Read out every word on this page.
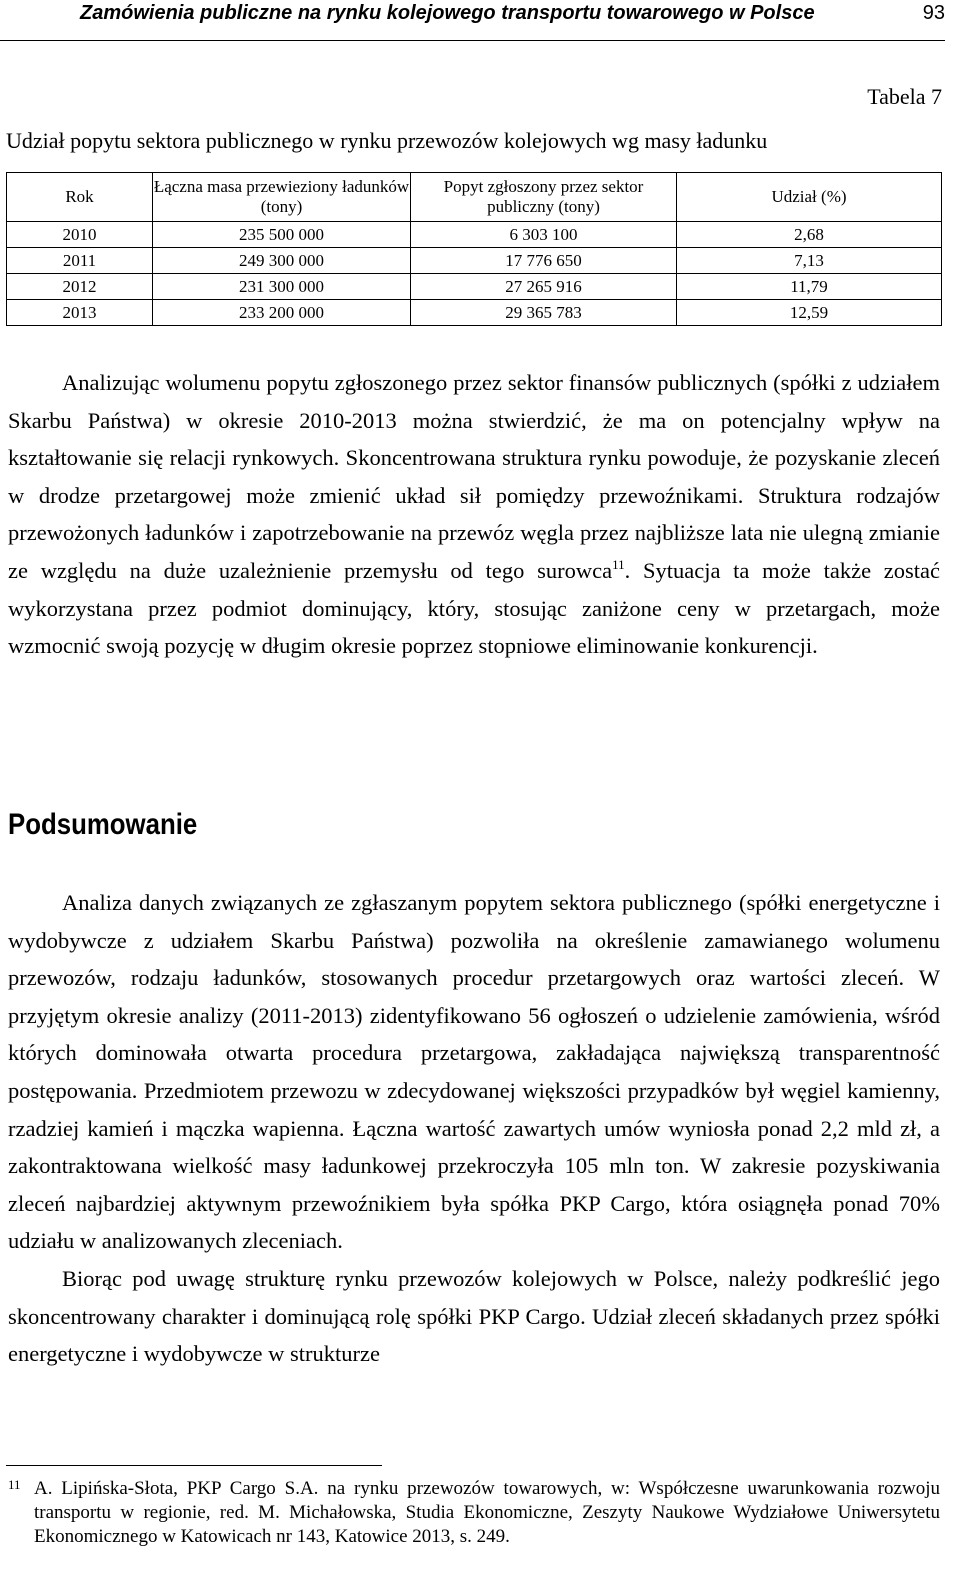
Zamówienia publiczne na rynku kolejowego transportu towarowego w Polsce	93
Tabela 7
Udział popytu sektora publicznego w rynku przewozów kolejowych wg masy ładunku
Rok	Łączna masa przewieziony ładunków (tony)	Popyt zgłoszony przez sektor publiczny (tony)	Udział (%)
2010	235 500 000	6 303 100	2,68
2011	249 300 000	17 776 650	7,13
2012	231 300 000	27 265 916	11,79
2013	233 200 000	29 365 783	12,59

Analizując wolumenu popytu zgłoszonego przez sektor finansów publicznych (spółki z udziałem Skarbu Państwa) w okresie 2010-2013 można stwierdzić, że ma on potencjalny wpływ na kształtowanie się relacji rynkowych. Skoncentrowana struktura rynku powoduje, że pozyskanie zleceń w drodze przetargowej może zmienić układ sił pomiędzy przewoźnikami. Struktura rodzajów przewożonych ładunków i zapotrzebowanie na przewóz węgla przez najbliższe lata nie ulegną zmianie ze względu na duże uzależnienie przemysłu od tego surowca$^{11}$. Sytuacja ta może także zostać wykorzystana przez podmiot dominujący, który, stosując zaniżone ceny w przetargach, może wzmocnić swoją pozycję w długim okresie poprzez stopniowe eliminowanie konkurencji.

Podsumowanie

Analiza danych związanych ze zgłaszanym popytem sektora publicznego (spółki energetyczne i wydobywcze z udziałem Skarbu Państwa) pozwoliła na określenie zamawianego wolumenu przewozów, rodzaju ładunków, stosowanych procedur przetargowych oraz wartości zleceń. W przyjętym okresie analizy (2011-2013) zidentyfikowano 56 ogłoszeń o udzielenie zamówienia, wśród których dominowała otwarta procedura przetargowa, zakładająca największą transparentność postępowania. Przedmiotem przewozu w zdecydowanej większości przypadków był węgiel kamienny, rzadziej kamień i mączka wapienna. Łączna wartość zawartych umów wyniosła ponad 2,2 mld zł, a zakontraktowana wielkość masy ładunkowej przekroczyła 105 mln ton. W zakresie pozyskiwania zleceń najbardziej aktywnym przewoźnikiem była spółka PKP Cargo, która osiągnęła ponad 70% udziału w analizowanych zleceniach.

Biorąc pod uwagę strukturę rynku przewozów kolejowych w Polsce, należy podkreślić jego skoncentrowany charakter i dominującą rolę spółki PKP Cargo. Udział zleceń składanych przez spółki energetyczne i wydobywcze w strukturze

11 A. Lipińska-Słota, PKP Cargo S.A. na rynku przewozów towarowych, w: Współczesne uwarunkowania rozwoju transportu w regionie, red. M. Michałowska, Studia Ekonomiczne, Zeszyty Naukowe Wydziałowe Uniwersytetu Ekonomicznego w Katowicach nr 143, Katowice 2013, s. 249.
